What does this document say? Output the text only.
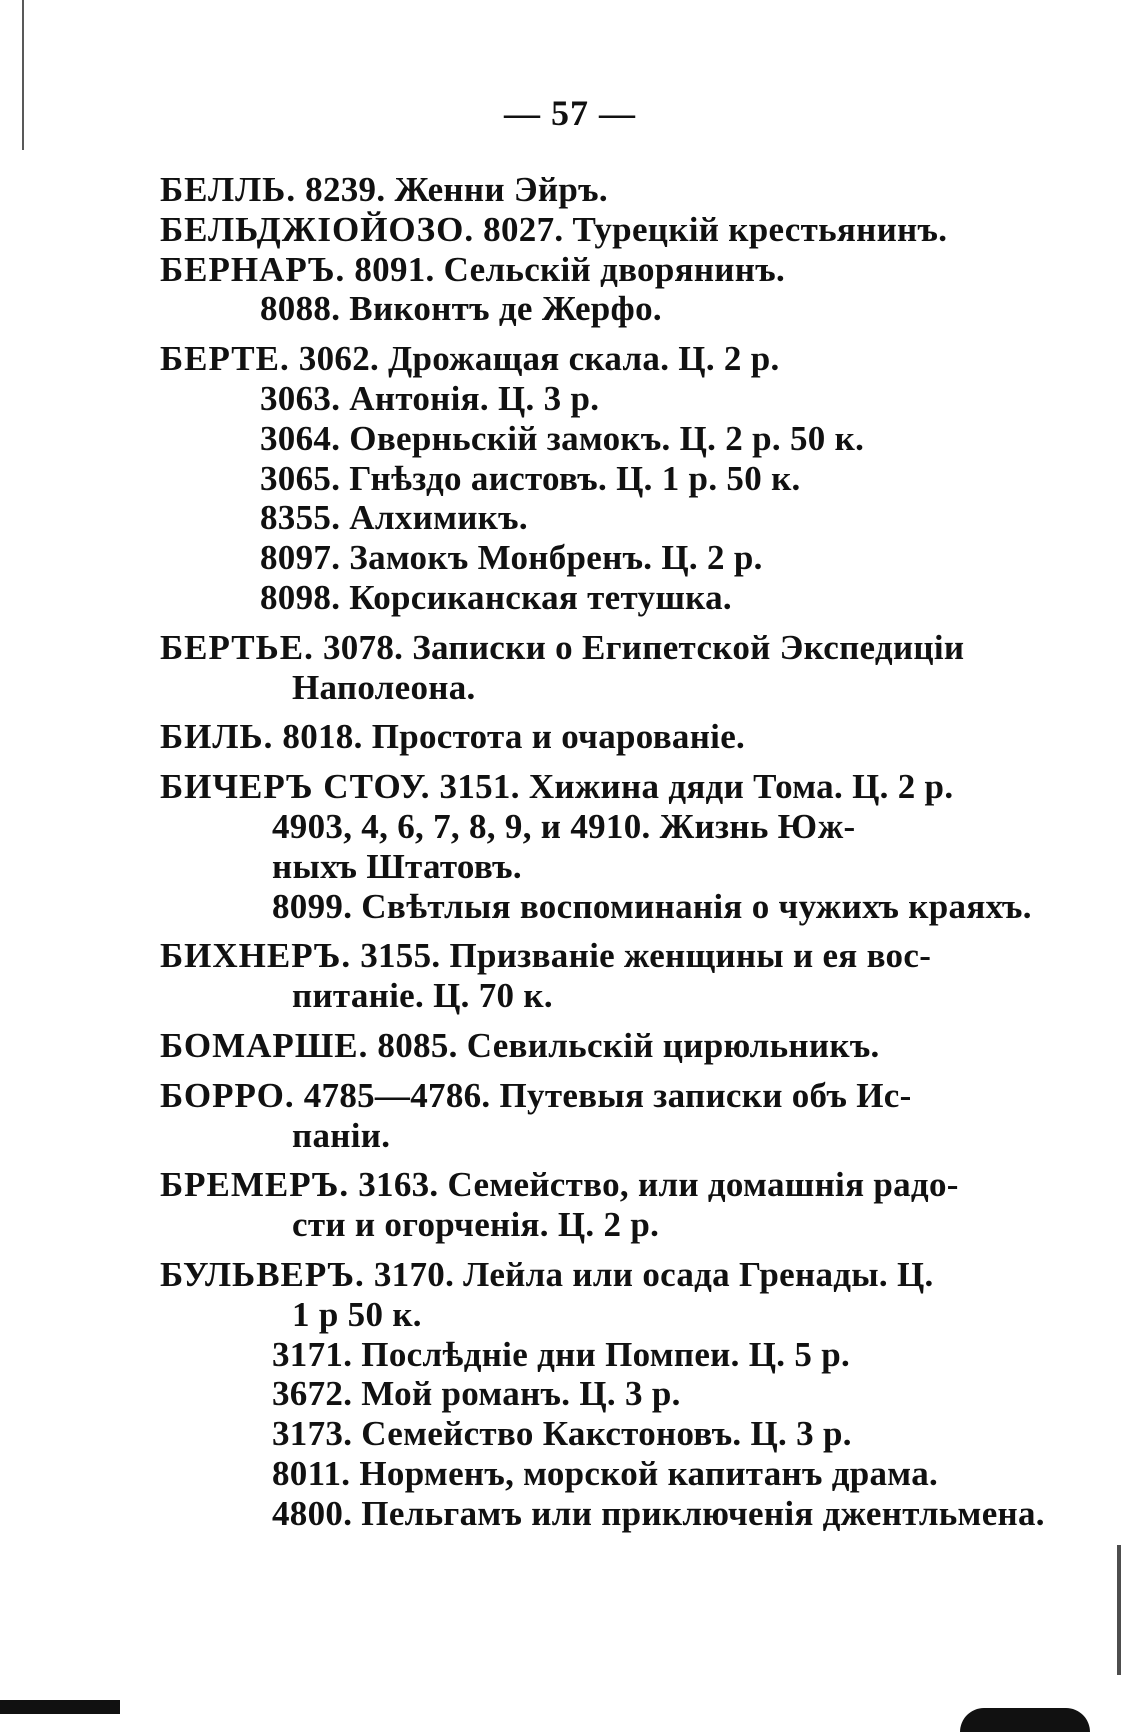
— 57 —
БЕЛЛЬ. 8239. Женни Эйръ.
БЕЛЬДЖІОЙОЗО. 8027. Турецкій крестьянинъ.
БЕРНАРЪ. 8091. Сельскій дворянинъ.
8088. Виконтъ де Жерфо.
БЕРТЕ. 3062. Дрожащая скала. Ц. 2 р.
3063. Антонія. Ц. 3 р.
3064. Оверньскій замокъ. Ц. 2 р. 50 к.
3065. Гнѣздо аистовъ. Ц. 1 р. 50 к.
8355. Алхимикъ.
8097. Замокъ Монбренъ. Ц. 2 р.
8098. Корсиканская тетушка.
БЕРТЬЕ. 3078. Записки о Египетской Экспедиціи
Наполеона.
БИЛЬ. 8018. Простота и очарованіе.
БИЧЕРЪ СТОУ. 3151. Хижина дяди Тома. Ц. 2 р.
4903, 4, 6, 7, 8, 9, и 4910. Жизнь Юж-
ныхъ Штатовъ.
8099. Свѣтлыя воспоминанія о чужихъ краяхъ.
БИХНЕРЪ. 3155. Призваніе женщины и ея вос-
питаніе. Ц. 70 к.
БОМАРШЕ. 8085. Севильскій цирюльникъ.
БОРРО. 4785—4786. Путевыя записки объ Ис-
паніи.
БРЕМЕРЪ. 3163. Семейство, или домашнія радо-
сти и огорченія. Ц. 2 р.
БУЛЬВЕРЪ. 3170. Лейла или осада Гренады. Ц.
1 р 50 к.
3171. Послѣдніе дни Помпеи. Ц. 5 р.
3672. Мой романъ. Ц. 3 р.
3173. Семейство Какстоновъ. Ц. 3 р.
8011. Норменъ, морской капитанъ драма.
4800. Пельгамъ или приключенія джентльмена.
